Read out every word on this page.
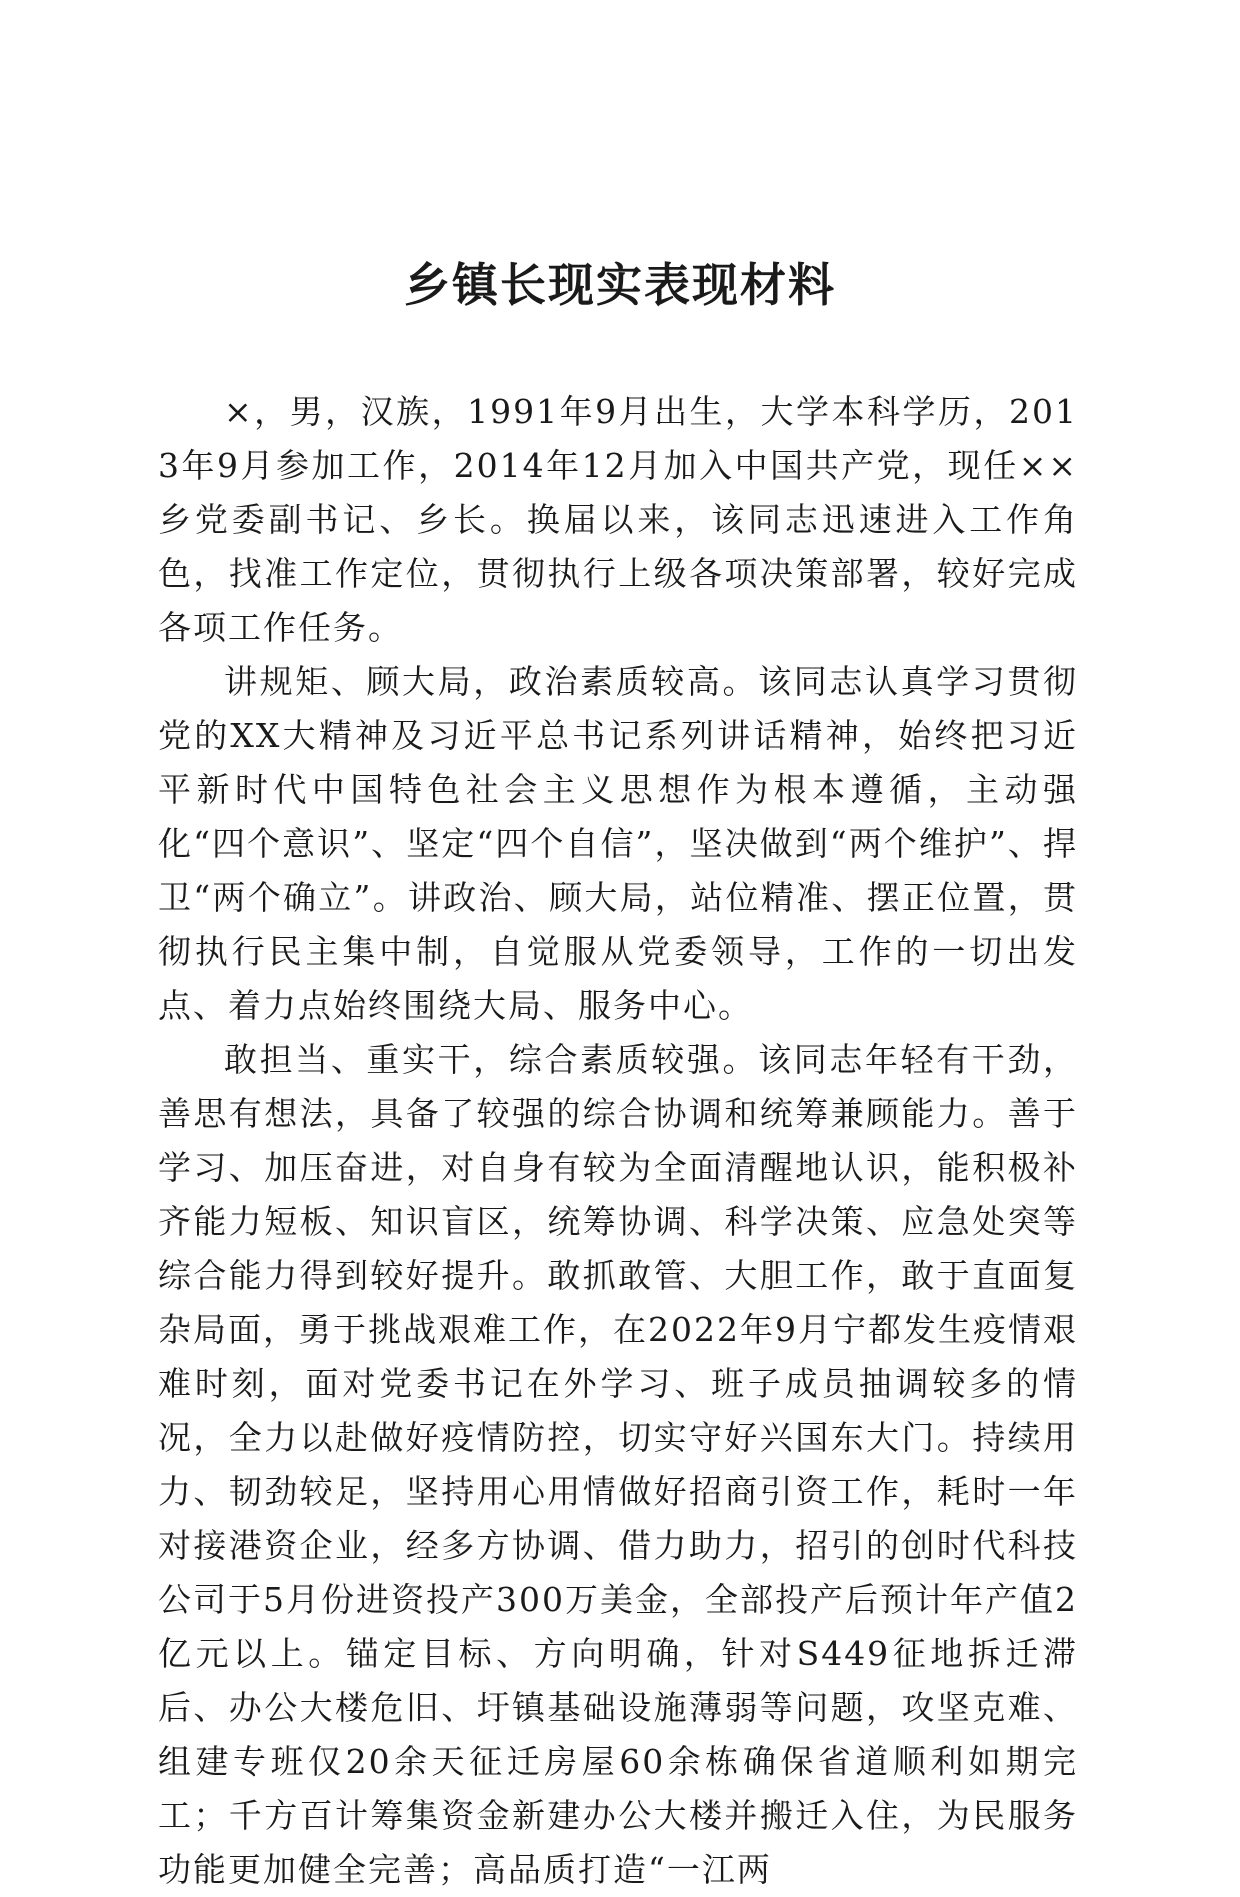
乡镇长现实表现材料

×，男，汉族，1991年9月出生，大学本科学历，2013年9月参加工作，2014年12月加入中国共产党，现任××乡党委副书记、乡长。换届以来，该同志迅速进入工作角色，找准工作定位，贯彻执行上级各项决策部署，较好完成各项工作任务。

讲规矩、顾大局，政治素质较高。该同志认真学习贯彻党的XX大精神及习近平总书记系列讲话精神，始终把习近平新时代中国特色社会主义思想作为根本遵循，主动强化“四个意识”、坚定“四个自信”，坚决做到“两个维护”、捍卫“两个确立”。讲政治、顾大局，站位精准、摆正位置，贯彻执行民主集中制，自觉服从党委领导，工作的一切出发点、着力点始终围绕大局、服务中心。

敢担当、重实干，综合素质较强。该同志年轻有干劲，善思有想法，具备了较强的综合协调和统筹兼顾能力。善于学习、加压奋进，对自身有较为全面清醒地认识，能积极补齐能力短板、知识盲区，统筹协调、科学决策、应急处突等综合能力得到较好提升。敢抓敢管、大胆工作，敢于直面复杂局面，勇于挑战艰难工作，在2022年9月宁都发生疫情艰难时刻，面对党委书记在外学习、班子成员抽调较多的情况，全力以赴做好疫情防控，切实守好兴国东大门。持续用力、韧劲较足，坚持用心用情做好招商引资工作，耗时一年对接港资企业，经多方协调、借力助力，招引的创时代科技公司于5月份进资投产300万美金，全部投产后预计年产值2亿元以上。锚定目标、方向明确，针对S449征地拆迁滞后、办公大楼危旧、圩镇基础设施薄弱等问题，攻坚克难、组建专班仅20余天征迁房屋60余栋确保省道顺利如期完工；千方百计筹集资金新建办公大楼并搬迁入住，为民服务功能更加健全完善；高品质打造“一江两
